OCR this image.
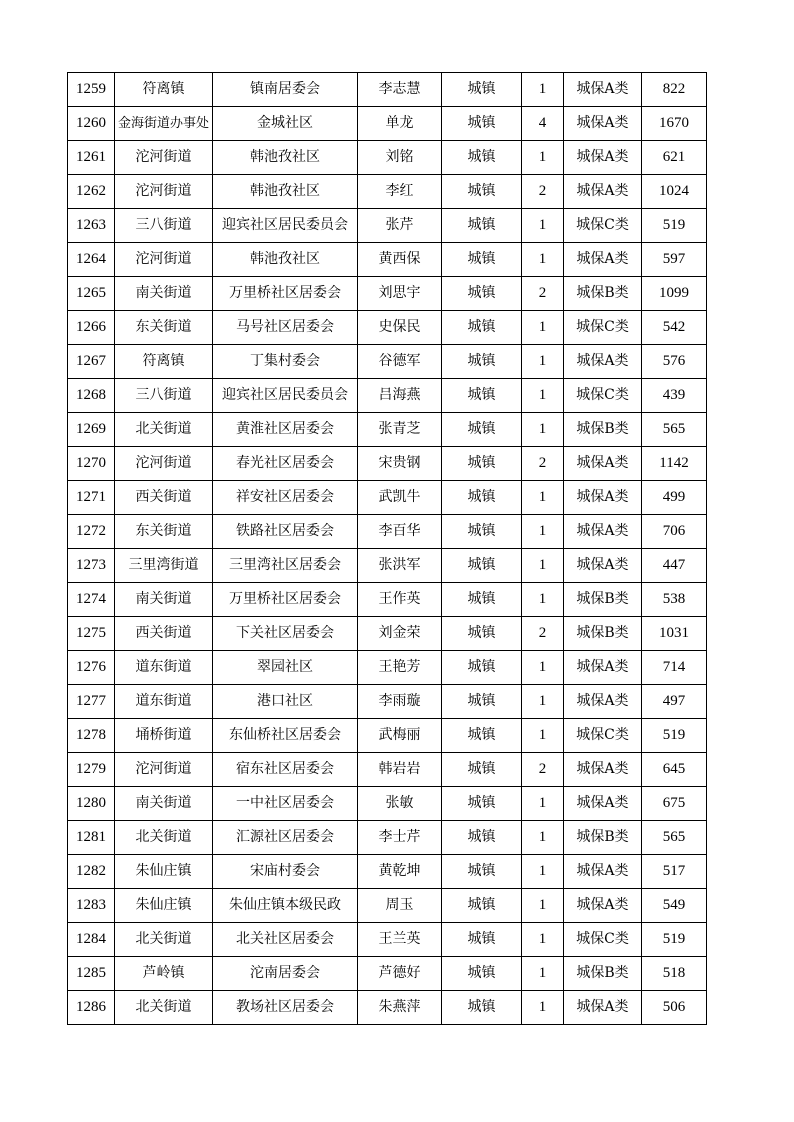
1259	符离镇	镇南居委会	李志慧	城镇	1	城保A类	822
1260	金海街道办事处	金城社区	单龙	城镇	4	城保A类	1670
1261	沱河街道	韩池孜社区	刘铭	城镇	1	城保A类	621
1262	沱河街道	韩池孜社区	李红	城镇	2	城保A类	1024
1263	三八街道	迎宾社区居民委员会	张芹	城镇	1	城保C类	519
1264	沱河街道	韩池孜社区	黄西保	城镇	1	城保A类	597
1265	南关街道	万里桥社区居委会	刘思宇	城镇	2	城保B类	1099
1266	东关街道	马号社区居委会	史保民	城镇	1	城保C类	542
1267	符离镇	丁集村委会	谷德军	城镇	1	城保A类	576
1268	三八街道	迎宾社区居民委员会	吕海燕	城镇	1	城保C类	439
1269	北关街道	黄淮社区居委会	张青芝	城镇	1	城保B类	565
1270	沱河街道	春光社区居委会	宋贵钢	城镇	2	城保A类	1142
1271	西关街道	祥安社区居委会	武凯牛	城镇	1	城保A类	499
1272	东关街道	铁路社区居委会	李百华	城镇	1	城保A类	706
1273	三里湾街道	三里湾社区居委会	张洪军	城镇	1	城保A类	447
1274	南关街道	万里桥社区居委会	王作英	城镇	1	城保B类	538
1275	西关街道	下关社区居委会	刘金荣	城镇	2	城保B类	1031
1276	道东街道	翠园社区	王艳芳	城镇	1	城保A类	714
1277	道东街道	港口社区	李雨璇	城镇	1	城保A类	497
1278	埇桥街道	东仙桥社区居委会	武梅丽	城镇	1	城保C类	519
1279	沱河街道	宿东社区居委会	韩岩岩	城镇	2	城保A类	645
1280	南关街道	一中社区居委会	张敏	城镇	1	城保A类	675
1281	北关街道	汇源社区居委会	李士芹	城镇	1	城保B类	565
1282	朱仙庄镇	宋庙村委会	黄乾坤	城镇	1	城保A类	517
1283	朱仙庄镇	朱仙庄镇本级民政	周玉	城镇	1	城保A类	549
1284	北关街道	北关社区居委会	王兰英	城镇	1	城保C类	519
1285	芦岭镇	沱南居委会	芦德好	城镇	1	城保B类	518
1286	北关街道	教场社区居委会	朱燕萍	城镇	1	城保A类	506
